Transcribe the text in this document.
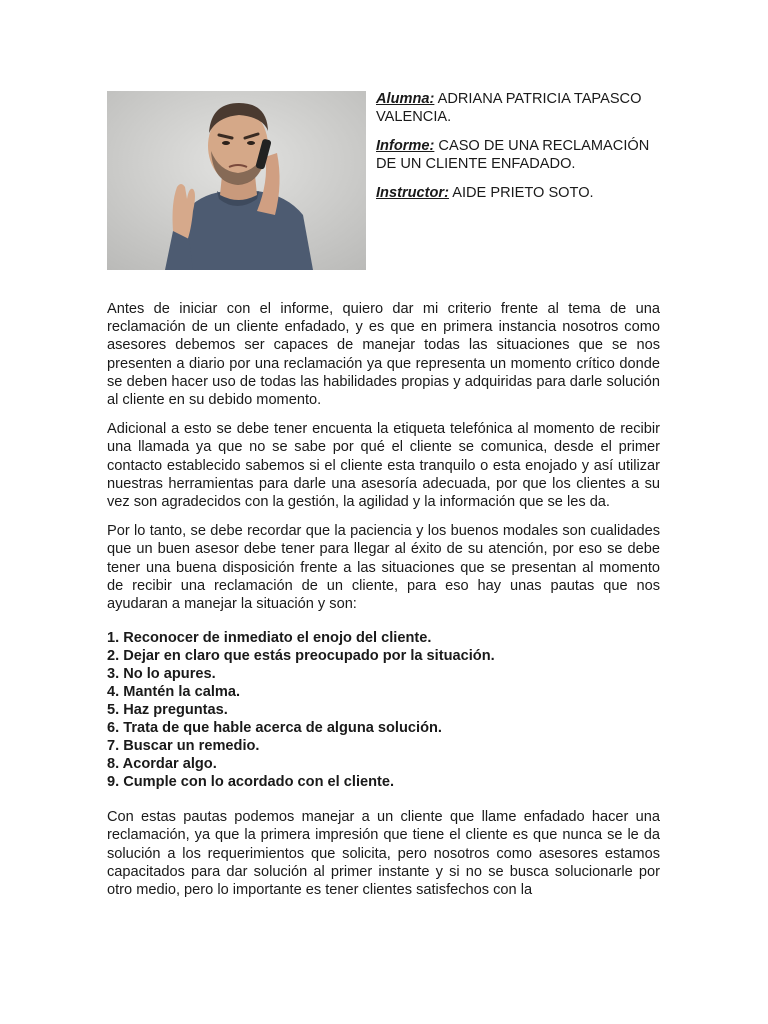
Alumna: ADRIANA PATRICIA TAPASCO VALENCIA.

Informe: CASO DE UNA RECLAMACIÓN DE UN CLIENTE ENFADADO.

Instructor: AIDE PRIETO SOTO.

Antes de iniciar con el informe, quiero dar mi criterio frente al tema de una reclamación de un cliente enfadado, y es que en primera instancia nosotros como asesores debemos ser capaces de manejar todas las situaciones que se nos presenten a diario por una reclamación ya que representa un momento crítico donde se deben hacer uso de todas las habilidades propias y adquiridas para darle solución al cliente en su debido momento.

Adicional a esto se debe tener encuenta la etiqueta telefónica al momento de recibir una llamada ya que no se sabe por qué el cliente se comunica, desde el primer contacto establecido sabemos si el cliente esta tranquilo o esta enojado y así utilizar nuestras herramientas para darle una asesoría adecuada, por que los clientes a su vez son agradecidos con la gestión, la agilidad y la información que se les da.

Por lo tanto, se debe recordar que la paciencia y los buenos modales son cualidades que un buen asesor debe tener para llegar al éxito de su atención, por eso se debe tener una buena disposición frente a las situaciones que se presentan al momento de recibir una reclamación de un cliente, para eso hay unas pautas que nos ayudaran a manejar la situación y son:

1. Reconocer de inmediato el enojo del cliente.
2. Dejar en claro que estás preocupado por la situación.
3. No lo apures.
4. Mantén la calma.
5. Haz preguntas.
6. Trata de que hable acerca de alguna solución.
7. Buscar un remedio.
8. Acordar algo.
9. Cumple con lo acordado con el cliente.

Con estas pautas podemos manejar a un cliente que llame enfadado hacer una reclamación, ya que la primera impresión que tiene el cliente es que nunca se le da solución a los requerimientos que solicita, pero nosotros como asesores estamos capacitados para dar solución al primer instante y si no se busca solucionarle por otro medio, pero lo importante es tener clientes satisfechos con la
